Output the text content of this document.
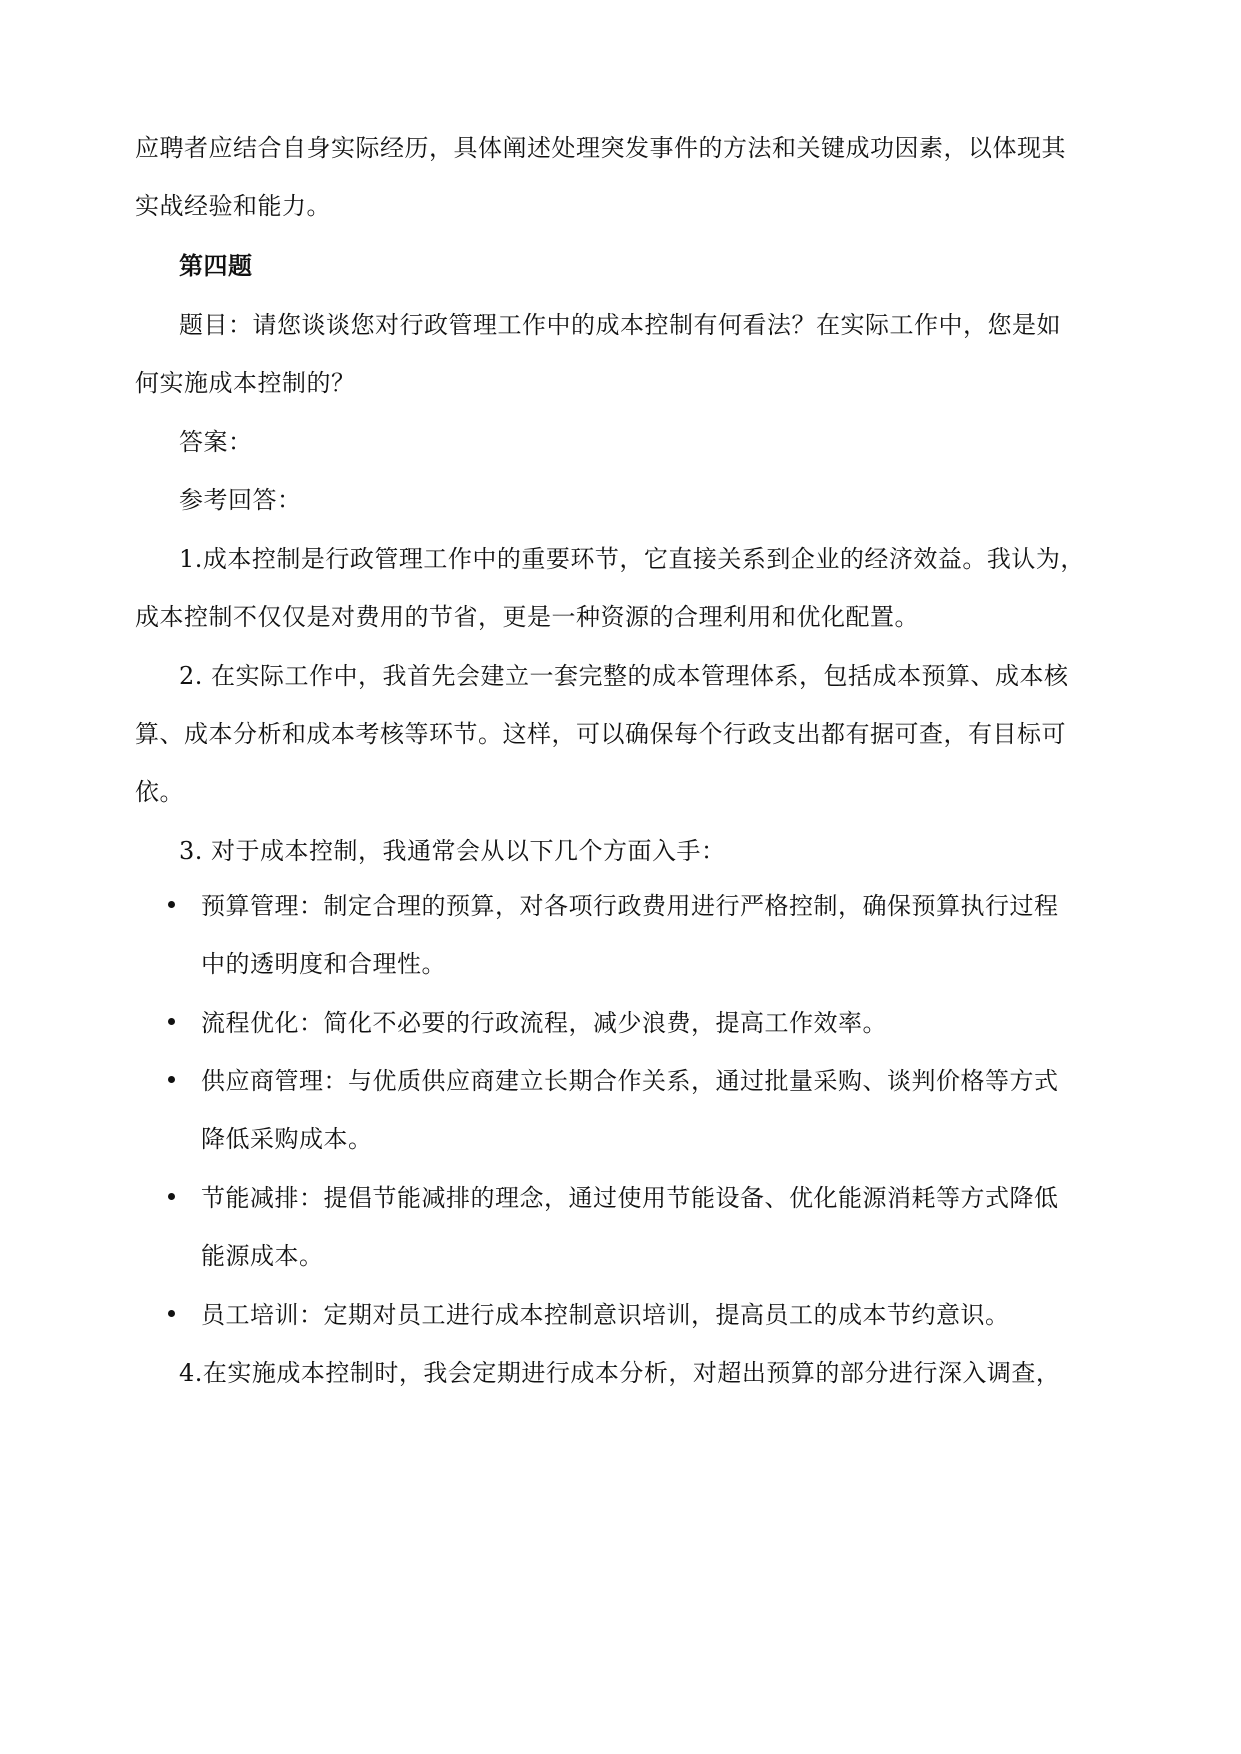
应聘者应结合自身实际经历，具体阐述处理突发事件的方法和关键成功因素，以体现其
实战经验和能力。
第四题
题目：请您谈谈您对行政管理工作中的成本控制有何看法？在实际工作中，您是如
何实施成本控制的？
答案：
参考回答：
1.成本控制是行政管理工作中的重要环节，它直接关系到企业的经济效益。我认为，
成本控制不仅仅是对费用的节省，更是一种资源的合理利用和优化配置。
2. 在实际工作中，我首先会建立一套完整的成本管理体系，包括成本预算、成本核
算、成本分析和成本考核等环节。这样，可以确保每个行政支出都有据可查，有目标可
依。
3. 对于成本控制，我通常会从以下几个方面入手：
预算管理：制定合理的预算，对各项行政费用进行严格控制，确保预算执行过程
中的透明度和合理性。
流程优化：简化不必要的行政流程，减少浪费，提高工作效率。
供应商管理：与优质供应商建立长期合作关系，通过批量采购、谈判价格等方式
降低采购成本。
节能减排：提倡节能减排的理念，通过使用节能设备、优化能源消耗等方式降低
能源成本。
员工培训：定期对员工进行成本控制意识培训，提高员工的成本节约意识。
4.在实施成本控制时，我会定期进行成本分析，对超出预算的部分进行深入调查，
